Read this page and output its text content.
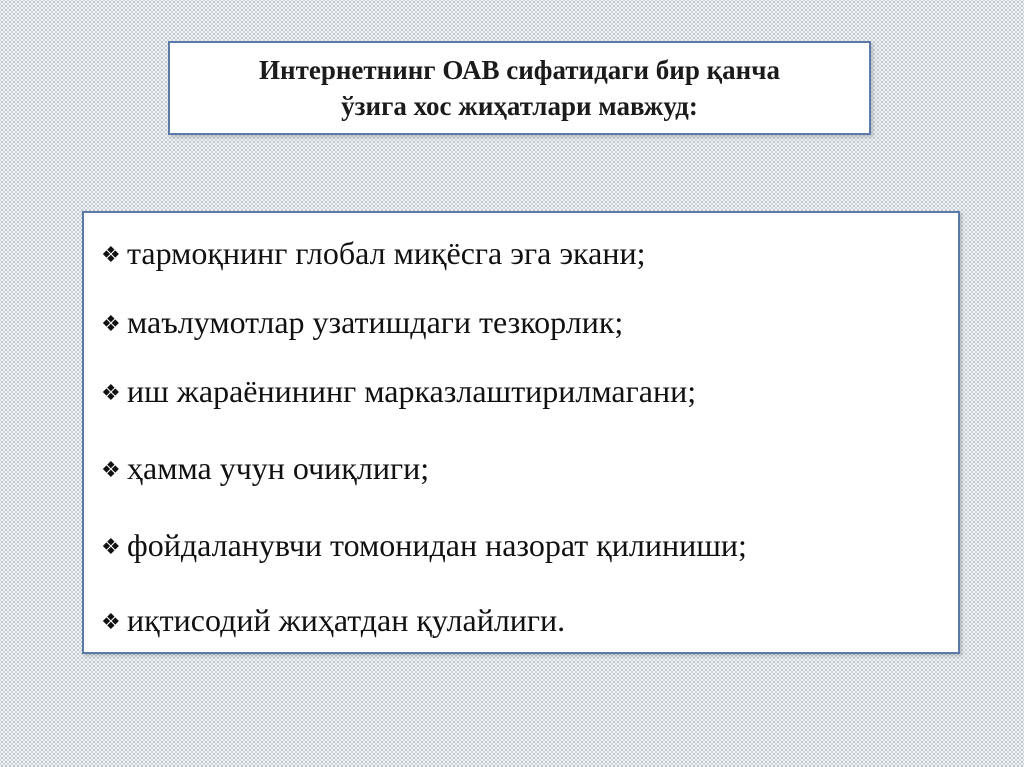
Интернетнинг ОАВ сифатидаги бир қанча
ўзига хос жиҳатлари мавжуд:

❖ тармоқнинг глобал миқёсга эга экани;
❖ маълумотлар узатишдаги тезкорлик;
❖ иш жараёнининг марказлаштирилмагани;
❖ ҳамма учун очиқлиги;
❖ фойдаланувчи томонидан назорат қилиниши;
❖ иқтисодий жиҳатдан қулайлиги.
